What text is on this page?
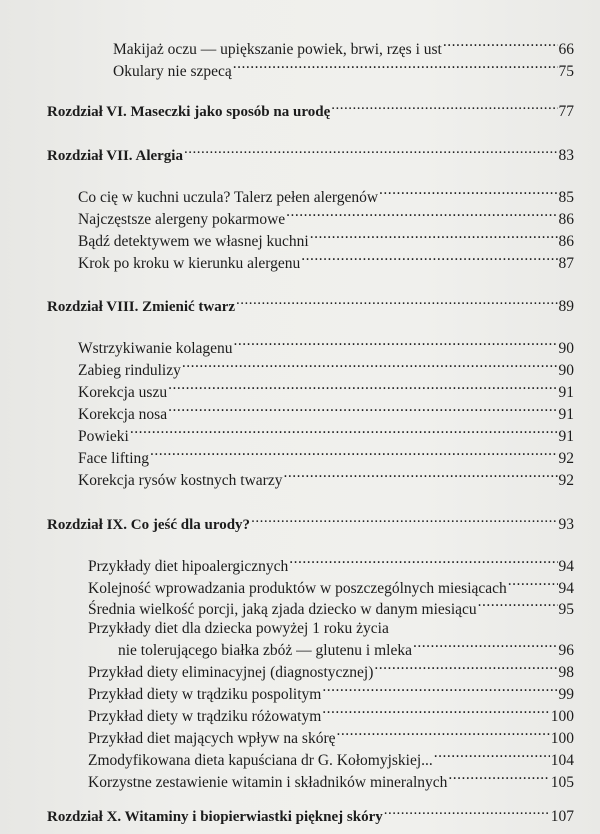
Makijaż oczu — upiększanie powiek, brwi, rzęs i ust .....	66
Okulary nie szpecą .....	75
Rozdział VI. Maseczki jako sposób na urodę .....	77
Rozdział VII. Alergia .....	83
Co cię w kuchni uczula? Talerz pełen alergenów .....	85
Najczęstsze alergeny pokarmowe .....	86
Bądź detektywem we własnej kuchni .....	86
Krok po kroku w kierunku alergenu .....	87
Rozdział VIII. Zmienić twarz .....	89
Wstrzykiwanie kolagenu .....	90
Zabieg rindulizy .....	90
Korekcja uszu .....	91
Korekcja nosa .....	91
Powieki .....	91
Face lifting .....	92
Korekcja rysów kostnych twarzy .....	92
Rozdział IX. Co jeść dla urody? .....	93
Przykłady diet hipoalergicznych .....	94
Kolejność wprowadzania produktów w poszczególnych miesiącach .....	94
Średnia wielkość porcji, jaką zjada dziecko w danym miesiącu .....	95
Przykłady diet dla dziecka powyżej 1 roku życia
nie tolerującego białka zbóż — glutenu i mleka .....	96
Przykład diety eliminacyjnej (diagnostycznej) .....	98
Przykład diety w trądziku pospolitym .....	99
Przykład diety w trądziku różowatym .....	100
Przykład diet mających wpływ na skórę .....	100
Zmodyfikowana dieta kapuściana dr G. Kołomyjskiej... .....	104
Korzystne zestawienie witamin i składników mineralnych .....	105
Rozdział X. Witaminy i biopierwiastki pięknej skóry .....	107
